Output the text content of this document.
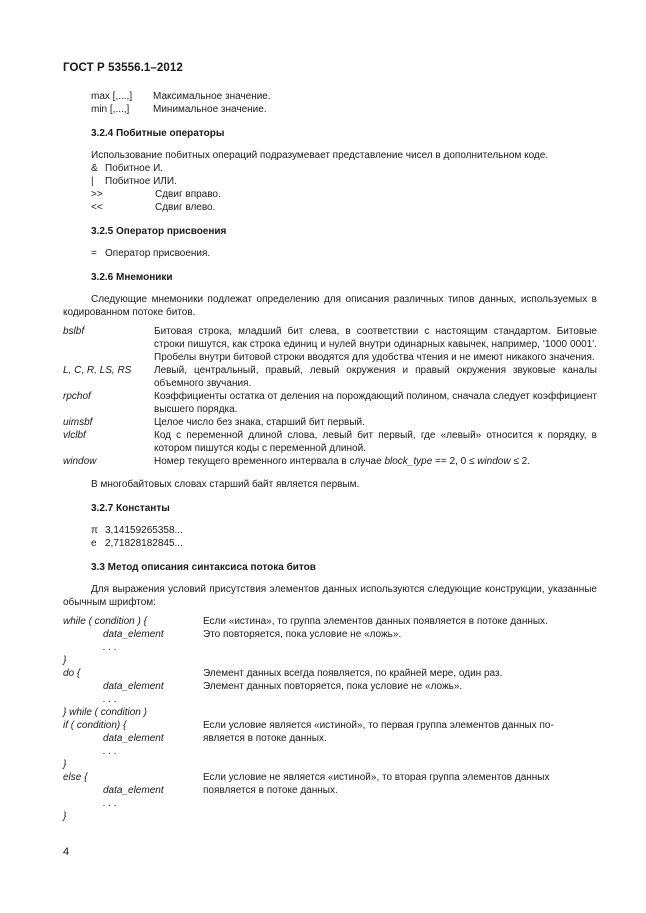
ГОСТ Р 53556.1–2012
max [,...,]	Максимальное значение.
min [,...,]	Минимальное значение.
3.2.4 Побитные операторы

Использование побитных операций подразумевает представление чисел в дополнительном коде.

& Побитное И.
|	Побитное ИЛИ.
>>	Сдвиг вправо.
<<	Сдвиг влево.
3.2.5 Оператор присвоения
= Оператор присвоения.
3.2.6 Мнемоники

Следующие мнемоники подлежат определению для описания различных типов данных, используемых в кодированном потоке битов.

bslbf	Битовая строка, младший бит слева, в соответствии с настоящим стандартом. Битовые строки пишутся, как строка единиц и нулей внутри одинарных кавычек, например, '1000 0001'. Пробелы внутри битовой строки вводятся для удобства чтения и не имеют никакого значения.
L, C, R, LS, RS	Левый, центральный, правый, левый окружения и правый окружения звуковые каналы объемного звучания.
rpchof	Коэффициенты остатка от деления на порождающий полином, сначала следует коэффициент высшего порядка.
uimsbf	Целое число без знака, старший бит первый.
vlclbf	Код с переменной длиной слова, левый бит первый, где «левый» относится к порядку, в котором пишутся коды с переменной длиной.
window	Номер текущего временного интервала в случае block_type == 2, 0 ≤ window ≤ 2.

В многобайтовых словах старший байт является первым.

3.2.7 Константы
π 3,14159265358...
e 2,71828182845...
3.3 Метод описания синтаксиса потока битов

Для выражения условий присутствия элементов данных используются следующие конструкции, указанные обычным шрифтом:

while ( condition ) {	Если «истина», то группа элементов данных появляется в потоке данных.
data_element	Это повторяется, пока условие не «ложь».
. . .
}
do {	Элемент данных всегда появляется, по крайней мере, один раз.
data_element	Элемент данных повторяется, пока условие не «ложь».
. . .
} while ( condition )
if ( condition) {	Если условие является «истиной», то первая группа элементов данных по-
data_element	является в потоке данных.
. . .
}
else {	Если условие не является «истиной», то вторая группа элементов данных
data_element	появляется в потоке данных.
. . .
}
4
